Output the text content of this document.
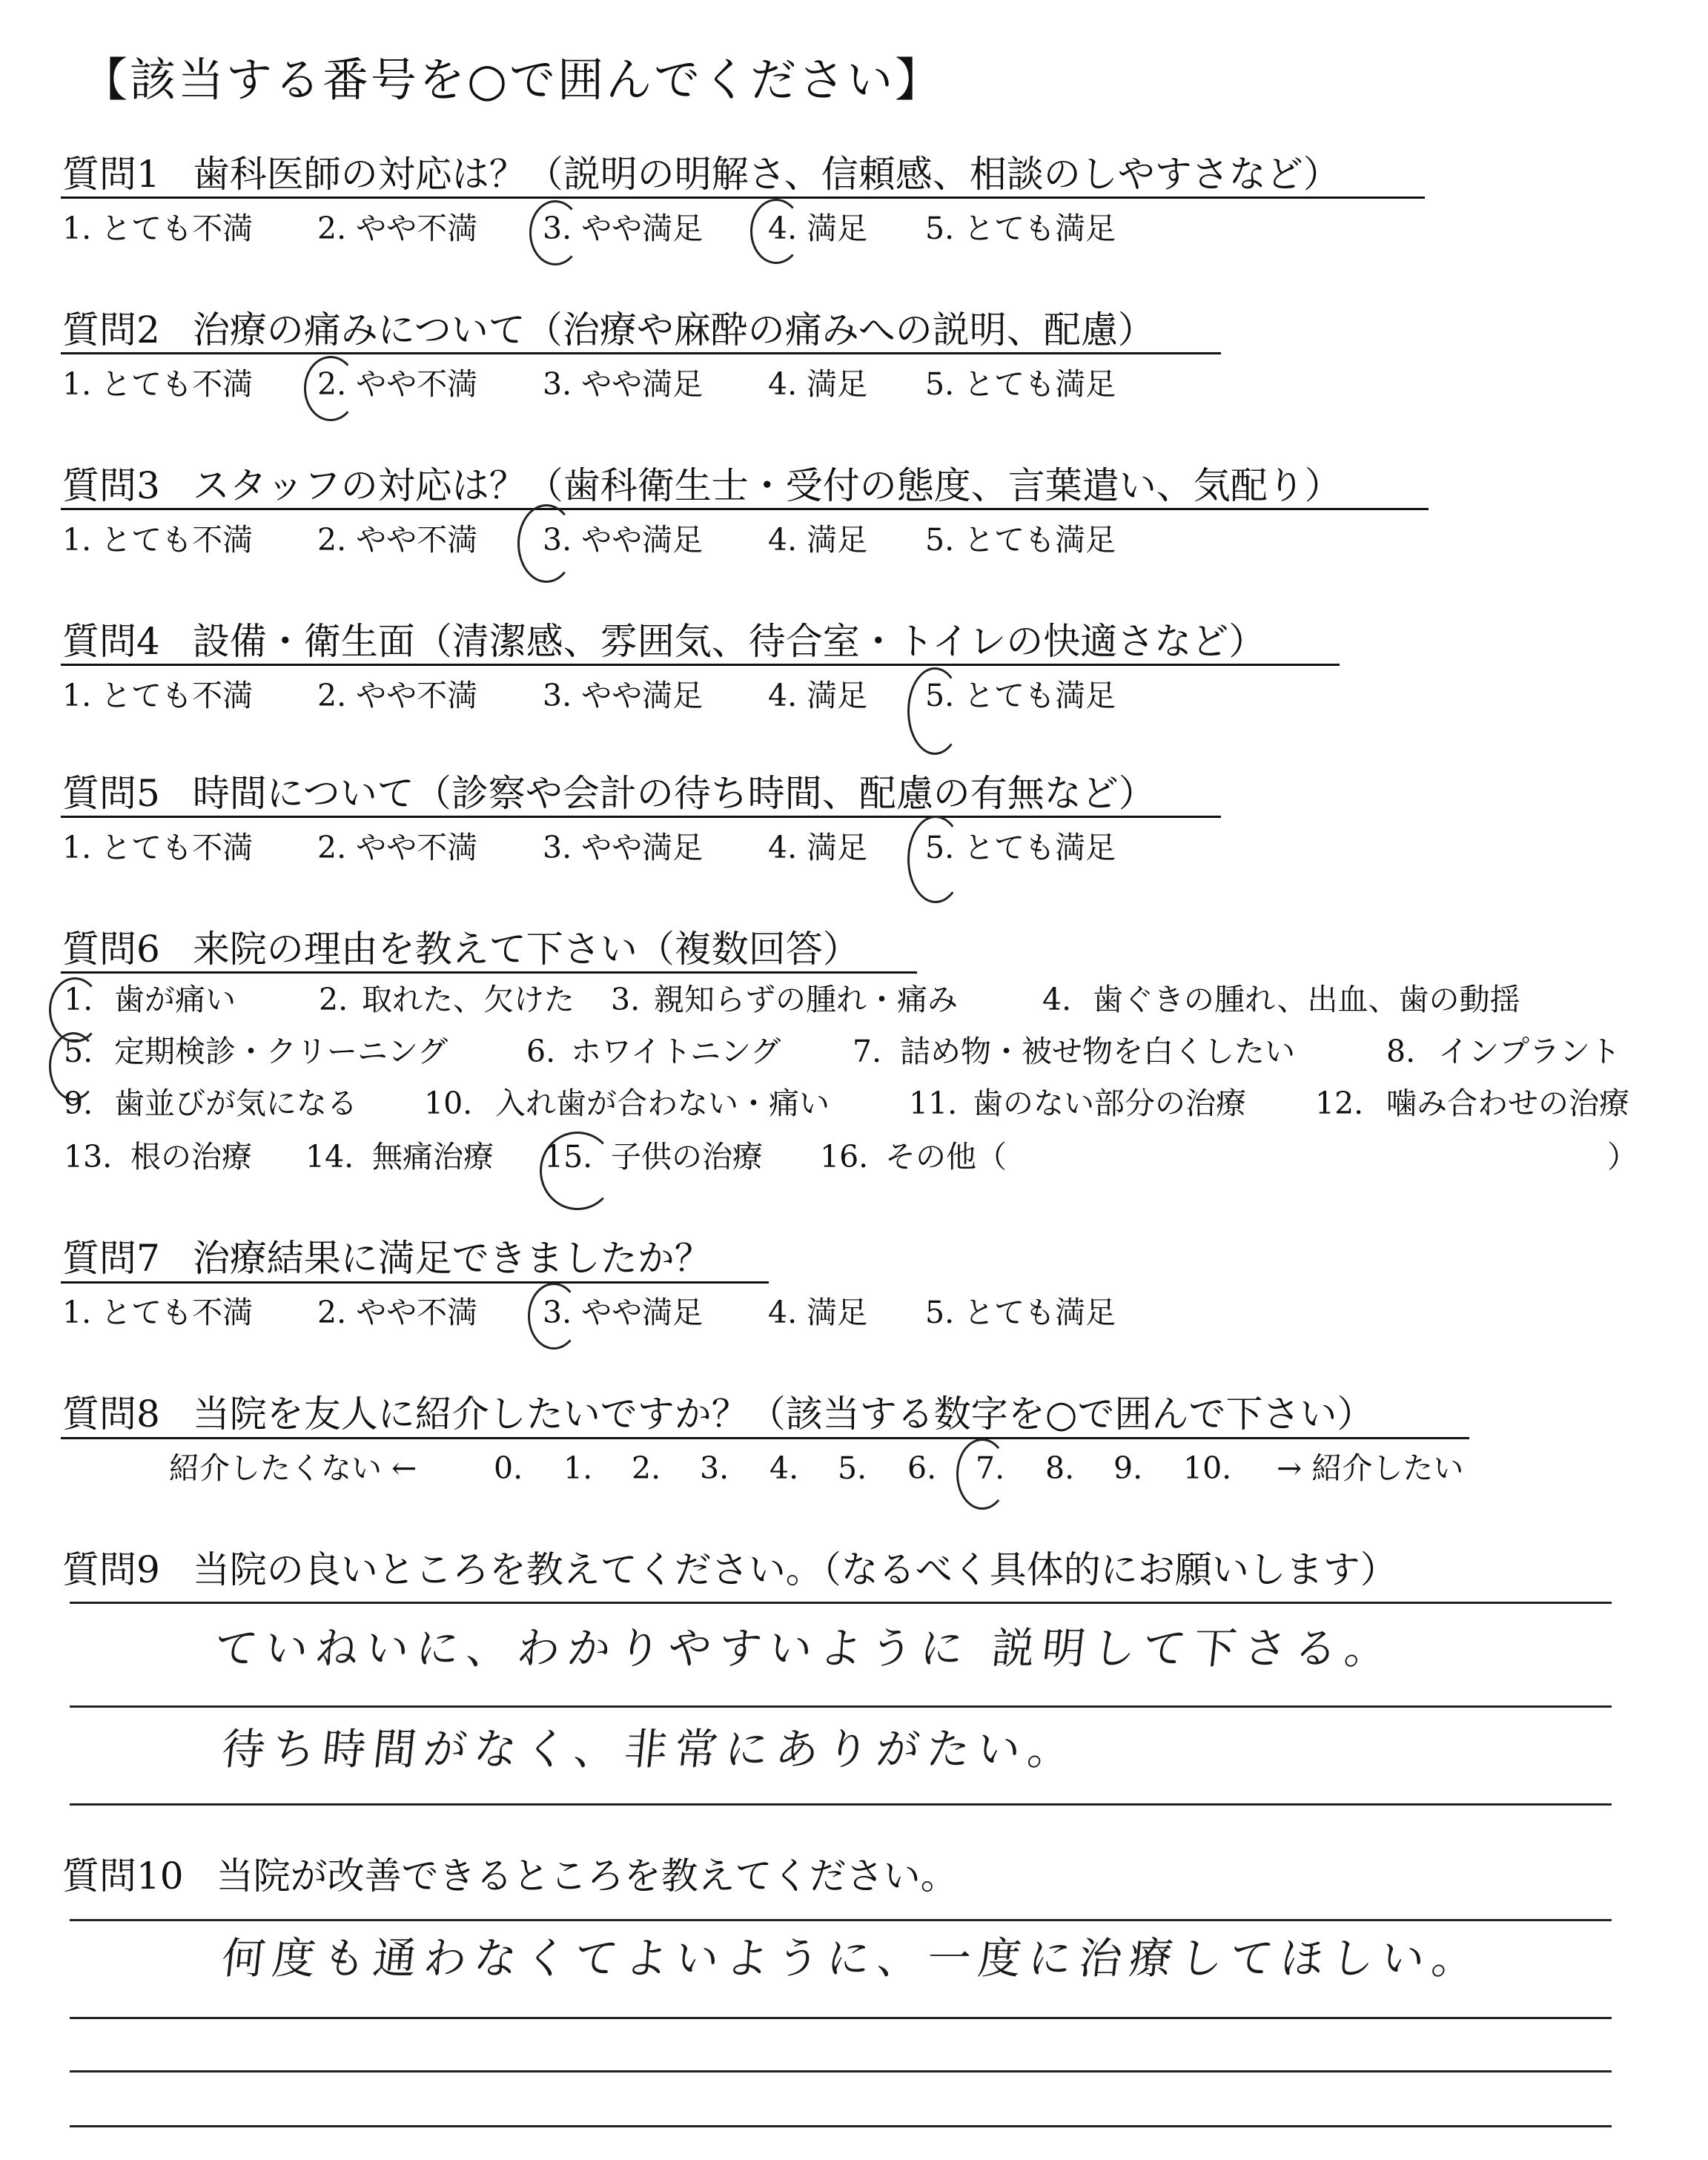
【該当する番号を○で囲んでください】
質問1 歯科医師の対応は？（説明の明解さ、信頼感、相談のしやすさなど）
1. とても不満 2. やや不満 3. やや満足 4. 満足 5. とても満足
質問2 治療の痛みについて（治療や麻酔の痛みへの説明、配慮）
1. とても不満 2. やや不満 3. やや満足 4. 満足 5. とても満足
質問3 スタッフの対応は？（歯科衛生士・受付の態度、言葉遣い、気配り）
1. とても不満 2. やや不満 3. やや満足 4. 満足 5. とても満足
質問4 設備・衛生面（清潔感、雰囲気、待合室・トイレの快適さなど）
1. とても不満 2. やや不満 3. やや満足 4. 満足 5. とても満足
質問5 時間について（診察や会計の待ち時間、配慮の有無など）
1. とても不満 2. やや不満 3. やや満足 4. 満足 5. とても満足
質問6 来院の理由を教えて下さい（複数回答）
1. 歯が痛い	2. 取れた、欠けた 3. 親知らずの腫れ・痛み	4. 歯ぐきの腫れ、出血、歯の動揺
5. 定期検診・クリーニング	6. ホワイトニング 7. 詰め物・被せ物を白くしたい	8. インプラント
9. 歯並びが気になる 10. 入れ歯が合わない・痛い	11. 歯のない部分の治療 12. 噛み合わせの治療
13. 根の治療 14. 無痛治療 15. 子供の治療 16. その他（	）
質問7 治療結果に満足できましたか？
1. とても不満 2. やや不満 3. やや満足 4. 満足 5. とても満足
質問8 当院を友人に紹介したいですか？（該当する数字を○で囲んで下さい）
紹介したくない ←	0. 1. 2. 3. 4. 5. 6. 7. 8. 9. 10. → 紹介したい
質問9 当院の良いところを教えてください。（なるべく具体的にお願いします）
ていねいに、わかりやすいように 説明して下さる。
待ち時間がなく、非常にありがたい。
質問10 当院が改善できるところを教えてください。
何度も通わなくてよいように、一度に治療してほしい。
